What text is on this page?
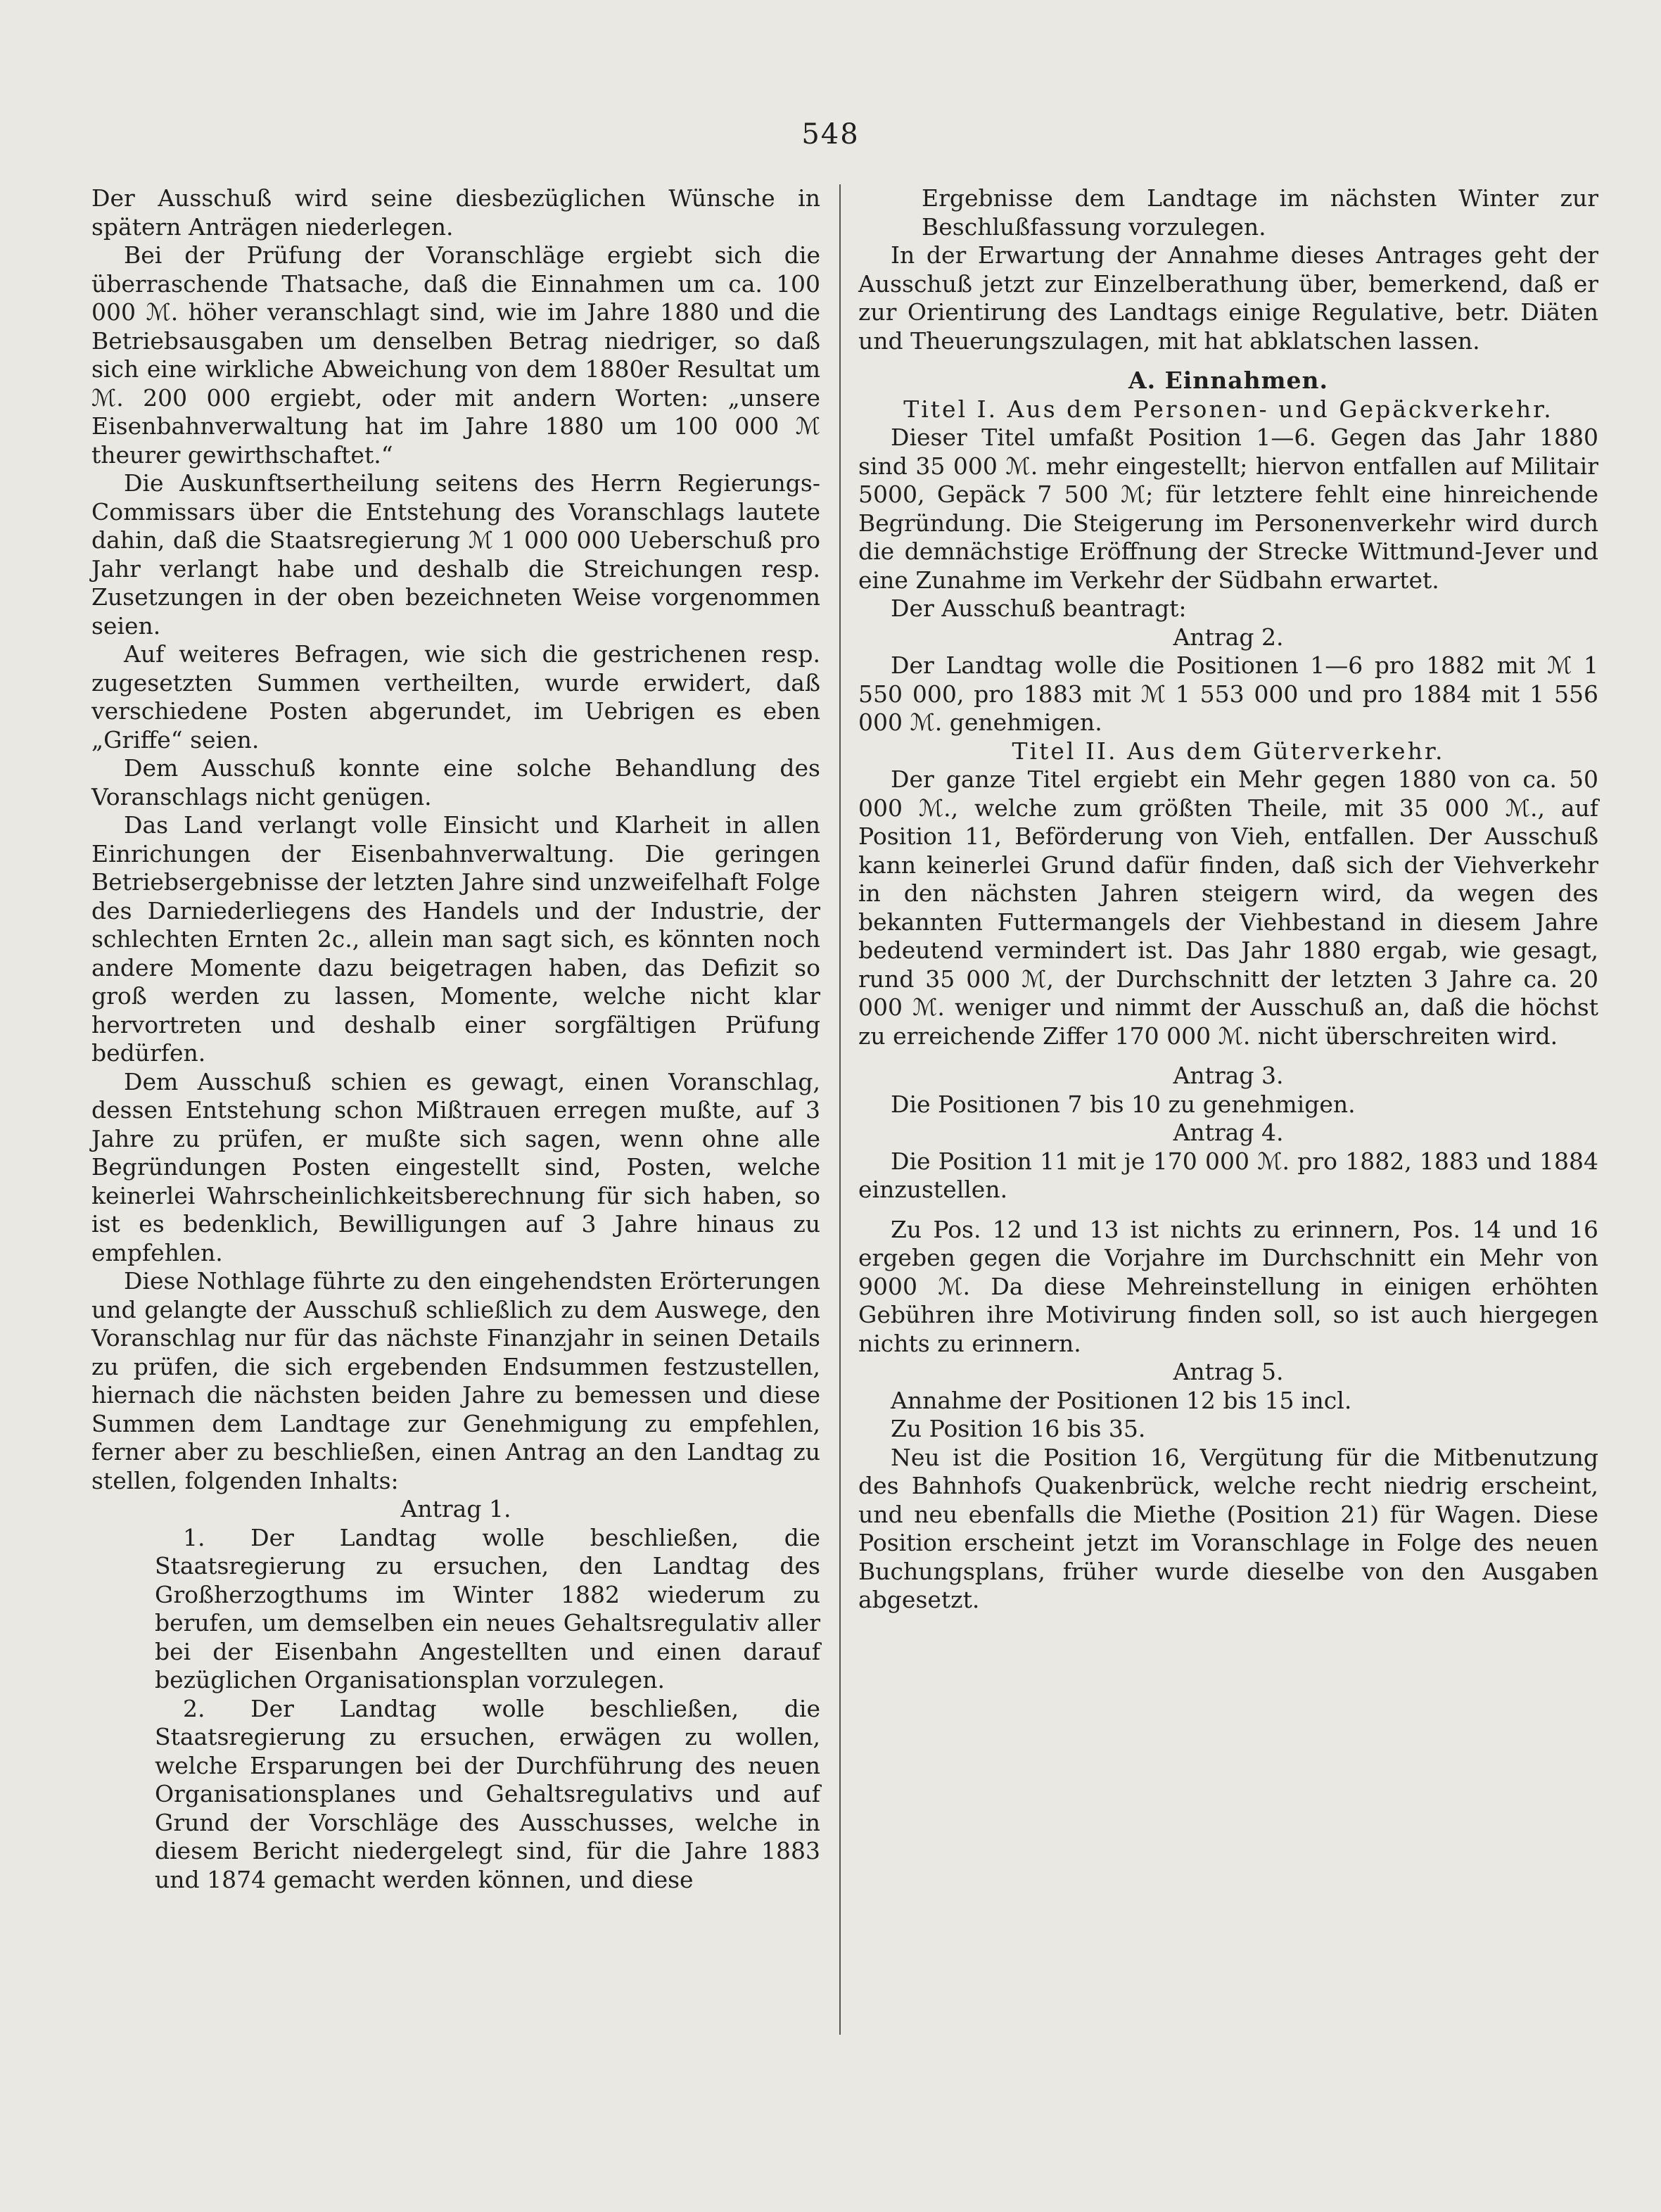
548

Der Ausschuß wird seine diesbezüglichen Wünsche in spätern Anträgen niederlegen.

Bei der Prüfung der Voranschläge ergiebt sich die überraschende Thatsache, daß die Einnahmen um ca. 100 000 ℳ. höher veranschlagt sind, wie im Jahre 1880 und die Betriebsausgaben um denselben Betrag niedriger, so daß sich eine wirkliche Abweichung von dem 1880er Resultat um ℳ. 200 000 ergiebt, oder mit andern Worten: „unsere Eisenbahnverwaltung hat im Jahre 1880 um 100 000 ℳ theurer gewirthschaftet.“

Die Auskunftsertheilung seitens des Herrn Regierungs-Commissars über die Entstehung des Voranschlags lautete dahin, daß die Staatsregierung ℳ 1 000 000 Ueberschuß pro Jahr verlangt habe und deshalb die Streichungen resp. Zusetzungen in der oben bezeichneten Weise vorgenommen seien.

Auf weiteres Befragen, wie sich die gestrichenen resp. zugesetzten Summen vertheilten, wurde erwidert, daß verschiedene Posten abgerundet, im Uebrigen es eben „Griffe“ seien.

Dem Ausschuß konnte eine solche Behandlung des Voranschlags nicht genügen.

Das Land verlangt volle Einsicht und Klarheit in allen Einrichungen der Eisenbahnverwaltung. Die geringen Betriebsergebnisse der letzten Jahre sind unzweifelhaft Folge des Darniederliegens des Handels und der Industrie, der schlechten Ernten 2c., allein man sagt sich, es könnten noch andere Momente dazu beigetragen haben, das Defizit so groß werden zu lassen, Momente, welche nicht klar hervortreten und deshalb einer sorgfältigen Prüfung bedürfen.

Dem Ausschuß schien es gewagt, einen Voranschlag, dessen Entstehung schon Mißtrauen erregen mußte, auf 3 Jahre zu prüfen, er mußte sich sagen, wenn ohne alle Begründungen Posten eingestellt sind, Posten, welche keinerlei Wahrscheinlichkeitsberechnung für sich haben, so ist es bedenklich, Bewilligungen auf 3 Jahre hinaus zu empfehlen.

Diese Nothlage führte zu den eingehendsten Erörterungen und gelangte der Ausschuß schließlich zu dem Auswege, den Voranschlag nur für das nächste Finanzjahr in seinen Details zu prüfen, die sich ergebenden Endsummen festzustellen, hiernach die nächsten beiden Jahre zu bemessen und diese Summen dem Landtage zur Genehmigung zu empfehlen, ferner aber zu beschließen, einen Antrag an den Landtag zu stellen, folgenden Inhalts:

Antrag 1.

1. Der Landtag wolle beschließen, die Staatsregierung zu ersuchen, den Landtag des Großherzogthums im Winter 1882 wiederum zu berufen, um demselben ein neues Gehaltsregulativ aller bei der Eisenbahn Angestellten und einen darauf bezüglichen Organisationsplan vorzulegen.

2. Der Landtag wolle beschließen, die Staatsregierung zu ersuchen, erwägen zu wollen, welche Ersparungen bei der Durchführung des neuen Organisationsplanes und Gehaltsregulativs und auf Grund der Vorschläge des Ausschusses, welche in diesem Bericht niedergelegt sind, für die Jahre 1883 und 1874 gemacht werden können, und diese

Ergebnisse dem Landtage im nächsten Winter zur Beschlußfassung vorzulegen.

In der Erwartung der Annahme dieses Antrages geht der Ausschuß jetzt zur Einzelberathung über, bemerkend, daß er zur Orientirung des Landtags einige Regulative, betr. Diäten und Theuerungszulagen, mit hat abklatschen lassen.

A. Einnahmen.

Titel I. Aus dem Personen- und Gepäckverkehr.

Dieser Titel umfaßt Position 1—6. Gegen das Jahr 1880 sind 35 000 ℳ. mehr eingestellt; hiervon entfallen auf Militair 5000, Gepäck 7 500 ℳ; für letztere fehlt eine hinreichende Begründung. Die Steigerung im Personenverkehr wird durch die demnächstige Eröffnung der Strecke Wittmund-Jever und eine Zunahme im Verkehr der Südbahn erwartet.

Der Ausschuß beantragt:

Antrag 2.

Der Landtag wolle die Positionen 1—6 pro 1882 mit ℳ 1 550 000, pro 1883 mit ℳ 1 553 000 und pro 1884 mit 1 556 000 ℳ. genehmigen.

Titel II. Aus dem Güterverkehr.

Der ganze Titel ergiebt ein Mehr gegen 1880 von ca. 50 000 ℳ., welche zum größten Theile, mit 35 000 ℳ., auf Position 11, Beförderung von Vieh, entfallen. Der Ausschuß kann keinerlei Grund dafür finden, daß sich der Viehverkehr in den nächsten Jahren steigern wird, da wegen des bekannten Futtermangels der Viehbestand in diesem Jahre bedeutend vermindert ist. Das Jahr 1880 ergab, wie gesagt, rund 35 000 ℳ, der Durchschnitt der letzten 3 Jahre ca. 20 000 ℳ. weniger und nimmt der Ausschuß an, daß die höchst zu erreichende Ziffer 170 000 ℳ. nicht überschreiten wird.

Antrag 3.

Die Positionen 7 bis 10 zu genehmigen.

Antrag 4.

Die Position 11 mit je 170 000 ℳ. pro 1882, 1883 und 1884 einzustellen.

Zu Pos. 12 und 13 ist nichts zu erinnern, Pos. 14 und 16 ergeben gegen die Vorjahre im Durchschnitt ein Mehr von 9000 ℳ. Da diese Mehreinstellung in einigen erhöhten Gebühren ihre Motivirung finden soll, so ist auch hiergegen nichts zu erinnern.

Antrag 5.

Annahme der Positionen 12 bis 15 incl.

Zu Position 16 bis 35.

Neu ist die Position 16, Vergütung für die Mitbenutzung des Bahnhofs Quakenbrück, welche recht niedrig erscheint, und neu ebenfalls die Miethe (Position 21) für Wagen. Diese Position erscheint jetzt im Voranschlage in Folge des neuen Buchungsplans, früher wurde dieselbe von den Ausgaben abgesetzt.
